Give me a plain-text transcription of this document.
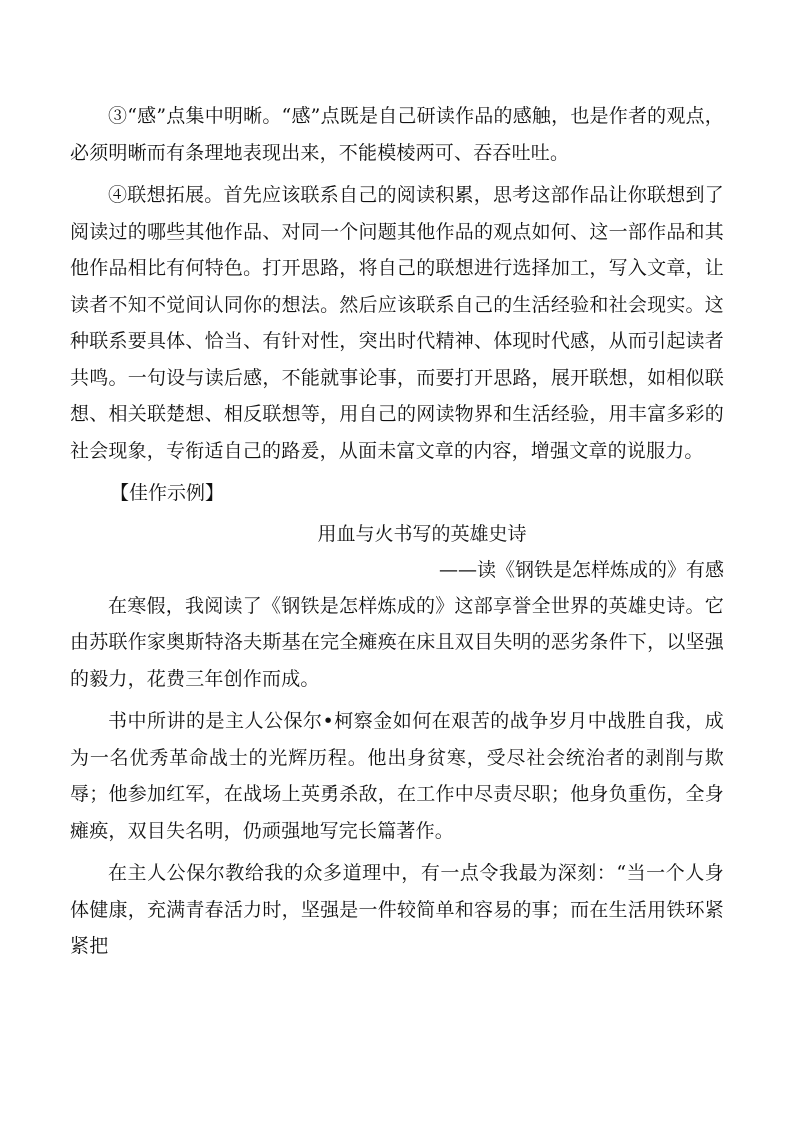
③“感”点集中明晰。“感”点既是自己研读作品的感触，也是作者的观点，必须明晰而有条理地表现出来，不能模棱两可、吞吞吐吐。

④联想拓展。首先应该联系自己的阅读积累，思考这部作品让你联想到了阅读过的哪些其他作品、对同一个问题其他作品的观点如何、这一部作品和其他作品相比有何特色。打开思路，将自己的联想进行选择加工，写入文章，让读者不知不觉间认同你的想法。然后应该联系自己的生活经验和社会现实。这种联系要具体、恰当、有针对性，突出时代精神、体现时代感，从而引起读者共鸣。一句设与读后感，不能就事论事，而要打开思路，展开联想，如相似联想、相关联楚想、相反联想等，用自己的网读物界和生活经验，用丰富多彩的社会现象，专衔适自己的路爰，从面未富文章的内容，增强文章的说服力。

【佳作示例】

用血与火书写的英雄史诗

——读《钢铁是怎样炼成的》有感

在寒假，我阅读了《钢铁是怎样炼成的》这部享誉全世界的英雄史诗。它由苏联作家奥斯特洛夫斯基在完全瘫痪在床且双目失明的恶劣条件下，以坚强的毅力，花费三年创作而成。

书中所讲的是主人公保尔•柯察金如何在艰苦的战争岁月中战胜自我，成为一名优秀革命战士的光辉历程。他出身贫寒，受尽社会统治者的剥削与欺辱；他参加红军，在战场上英勇杀敌，在工作中尽责尽职；他身负重伤，全身瘫痪，双目失名明，仍顽强地写完长篇著作。

在主人公保尔教给我的众多道理中，有一点令我最为深刻：“当一个人身体健康，充满青春活力时，坚强是一件较简单和容易的事；而在生活用铁环紧紧把
